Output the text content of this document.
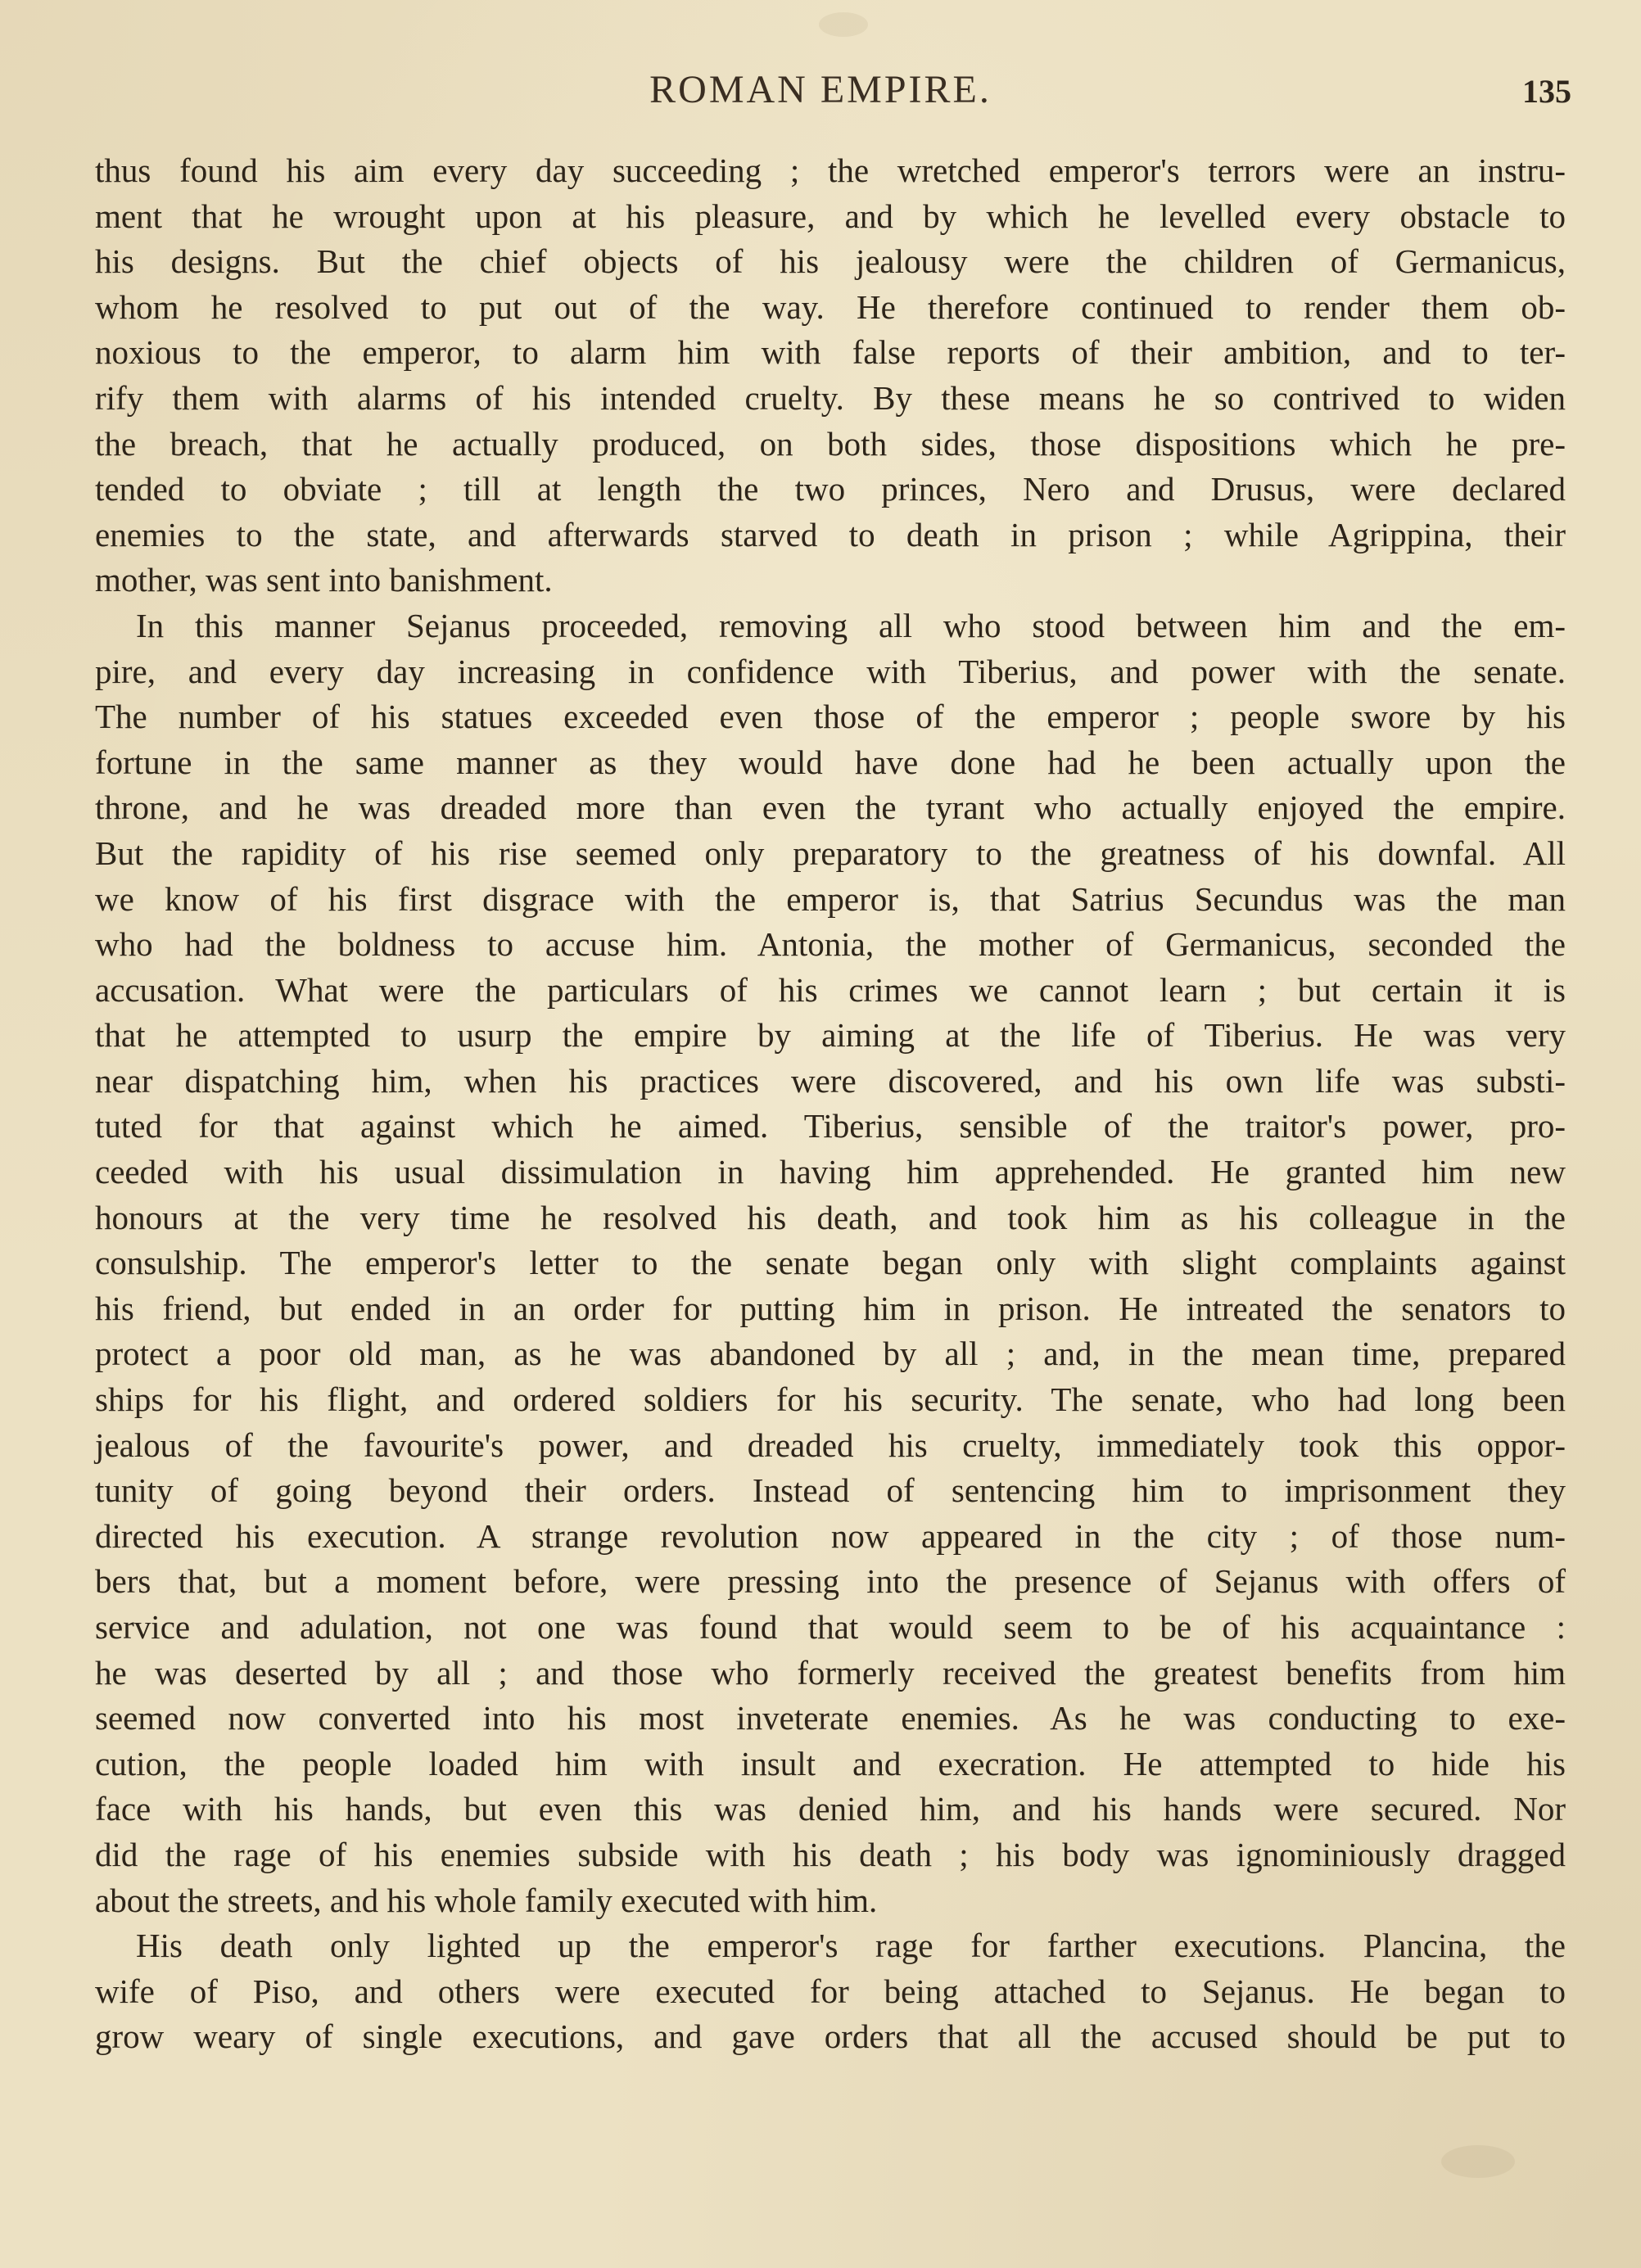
ROMAN EMPIRE.	135
thus found his aim every day succeeding ; the wretched emperor's terrors were an instru-
ment that he wrought upon at his pleasure, and by which he levelled every obstacle to
his designs. But the chief objects of his jealousy were the children of Germanicus,
whom he resolved to put out of the way. He therefore continued to render them ob-
noxious to the emperor, to alarm him with false reports of their ambition, and to ter-
rify them with alarms of his intended cruelty. By these means he so contrived to widen
the breach, that he actually produced, on both sides, those dispositions which he pre-
tended to obviate ; till at length the two princes, Nero and Drusus, were declared
enemies to the state, and afterwards starved to death in prison ; while Agrippina, their
mother, was sent into banishment.
In this manner Sejanus proceeded, removing all who stood between him and the em-
pire, and every day increasing in confidence with Tiberius, and power with the senate.
The number of his statues exceeded even those of the emperor ; people swore by his
fortune in the same manner as they would have done had he been actually upon the
throne, and he was dreaded more than even the tyrant who actually enjoyed the empire.
But the rapidity of his rise seemed only preparatory to the greatness of his downfal. All
we know of his first disgrace with the emperor is, that Satrius Secundus was the man
who had the boldness to accuse him. Antonia, the mother of Germanicus, seconded the
accusation. What were the particulars of his crimes we cannot learn ; but certain it is
that he attempted to usurp the empire by aiming at the life of Tiberius. He was very
near dispatching him, when his practices were discovered, and his own life was substi-
tuted for that against which he aimed. Tiberius, sensible of the traitor's power, pro-
ceeded with his usual dissimulation in having him apprehended. He granted him new
honours at the very time he resolved his death, and took him as his colleague in the
consulship. The emperor's letter to the senate began only with slight complaints against
his friend, but ended in an order for putting him in prison. He intreated the senators to
protect a poor old man, as he was abandoned by all ; and, in the mean time, prepared
ships for his flight, and ordered soldiers for his security. The senate, who had long been
jealous of the favourite's power, and dreaded his cruelty, immediately took this oppor-
tunity of going beyond their orders. Instead of sentencing him to imprisonment they
directed his execution. A strange revolution now appeared in the city ; of those num-
bers that, but a moment before, were pressing into the presence of Sejanus with offers of
service and adulation, not one was found that would seem to be of his acquaintance :
he was deserted by all ; and those who formerly received the greatest benefits from him
seemed now converted into his most inveterate enemies. As he was conducting to exe-
cution, the people loaded him with insult and execration. He attempted to hide his
face with his hands, but even this was denied him, and his hands were secured. Nor
did the rage of his enemies subside with his death ; his body was ignominiously dragged
about the streets, and his whole family executed with him.
His death only lighted up the emperor's rage for farther executions. Plancina, the
wife of Piso, and others were executed for being attached to Sejanus. He began to
grow weary of single executions, and gave orders that all the accused should be put to
